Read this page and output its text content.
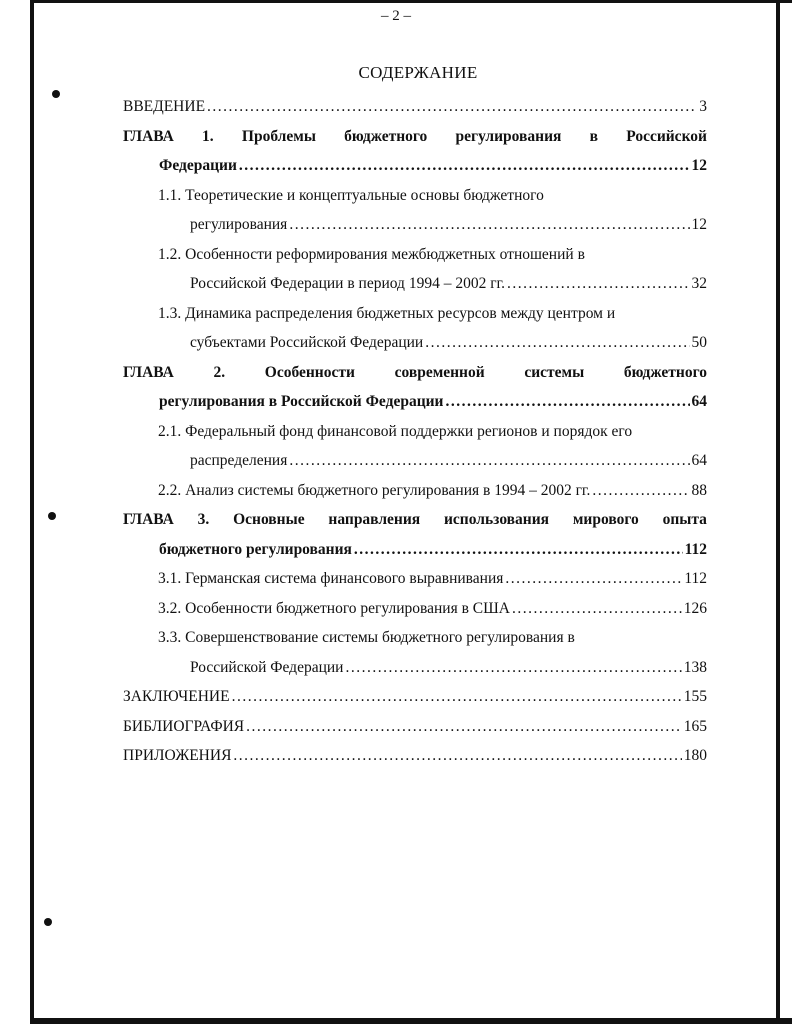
– 2 –
СОДЕРЖАНИЕ
ВВЕДЕНИЕ .....	3
ГЛАВА 1. Проблемы бюджетного регулирования в Российской
Федерации .....	12
1.1. Теоретические и концептуальные основы бюджетного
регулирования .....	12
1.2. Особенности реформирования межбюджетных отношений в
Российской Федерации в период 1994 – 2002 гг. .....	32
1.3. Динамика распределения бюджетных ресурсов между центром и
субъектами Российской Федерации .....	50
ГЛАВА	2.	Особенности	современной	системы	бюджетного
регулирования в Российской Федерации .....	64
2.1. Федеральный фонд финансовой поддержки регионов и порядок его
распределения .....	64
2.2. Анализ системы бюджетного регулирования в 1994 – 2002 гг. .....	88
ГЛАВА 3. Основные направления использования мирового опыта
бюджетного регулирования .....	112
3.1. Германская система финансового выравнивания .....	112
3.2. Особенности бюджетного регулирования в США .....	126
3.3. Совершенствование системы бюджетного регулирования в
Российской Федерации .....	138
ЗАКЛЮЧЕНИЕ .....	155
БИБЛИОГРАФИЯ .....	165
ПРИЛОЖЕНИЯ .....	180
